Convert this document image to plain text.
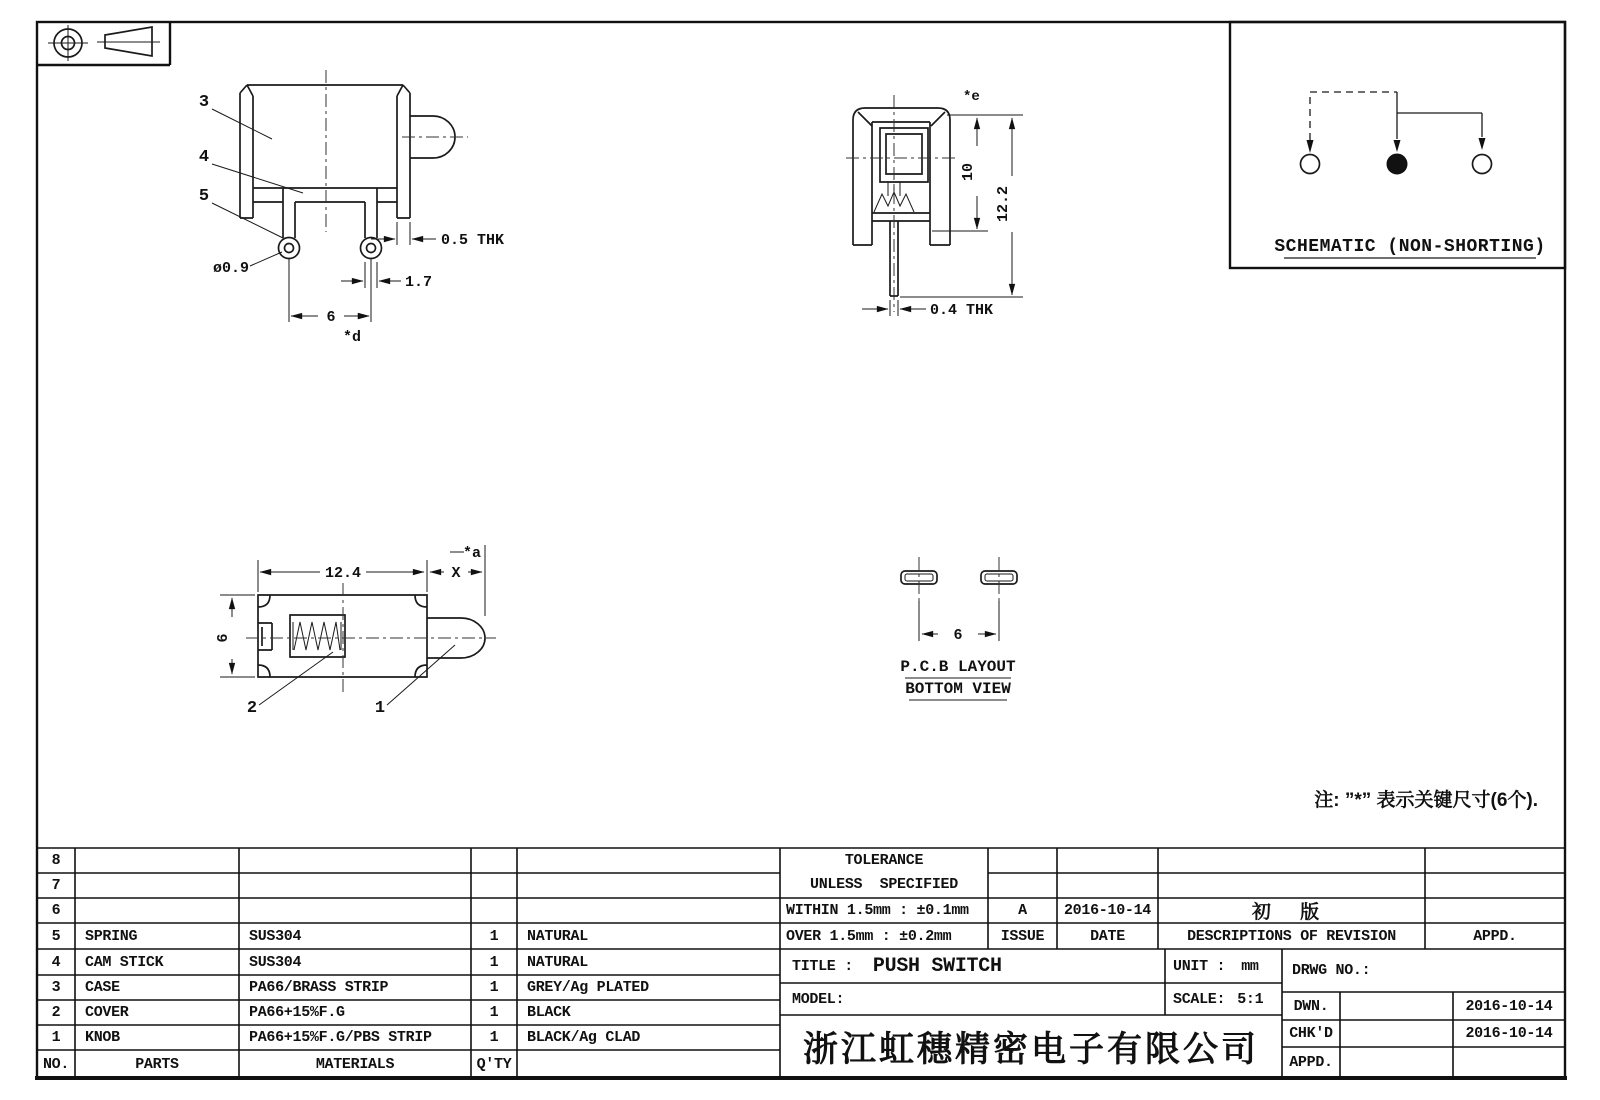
3
4
5
0.5 THK
ø0.9
1.7
6
*d
*e
10
12.2
0.4 THK
SCHEMATIC (NON-SHORTING)
12.4	X
*a
6
2	1
6
P.C.B LAYOUT
BOTTOM VIEW
注: ”*” 表示关键尺寸(6个).
8
7
6
5	SPRING	SUS304	1	NATURAL
4	CAM STICK	SUS304	1	NATURAL
3	CASE	PA66/BRASS STRIP	1	GREY/Ag PLATED
2	COVER	PA66+15%F.G	1	BLACK
1	KNOB	PA66+15%F.G/PBS STRIP	1	BLACK/Ag CLAD
NO.	PARTS	MATERIALS	Q'TY
TOLERANCE
UNLESS  SPECIFIED
WITHIN 1.5mm : ±0.1mm
OVER 1.5mm : ±0.2mm
A	2016-10-14
ISSUE	DATE
初 版
DESCRIPTIONS OF REVISION	APPD.
TITLE : PUSH SWITCH	UNIT : mm
MODEL:	SCALE: 5:1
浙江虹穗精密电子有限公司
DRWG NO.:
DWN.	2016-10-14
CHK'D	2016-10-14
APPD.
